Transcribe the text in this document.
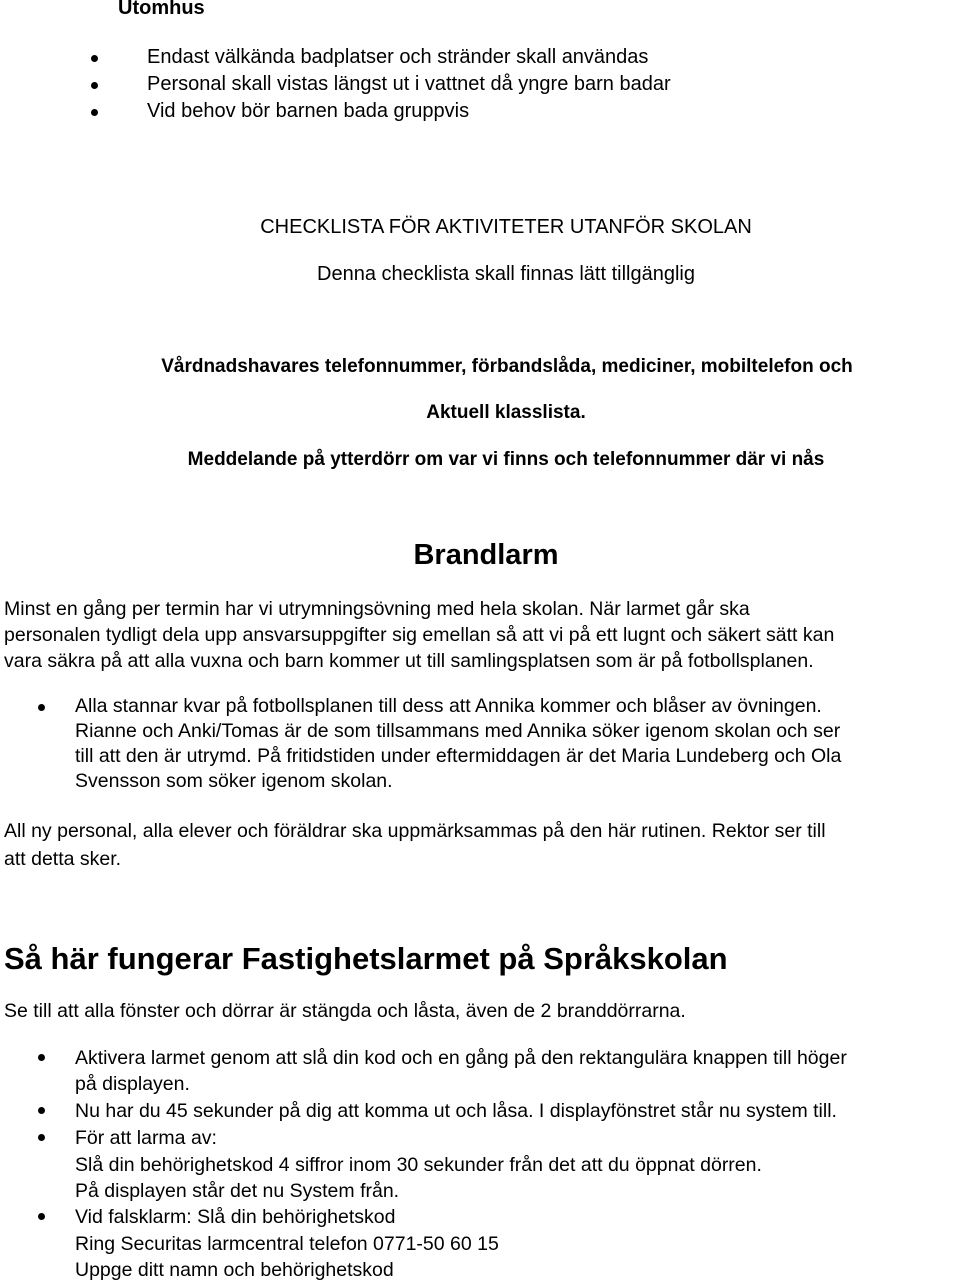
Utomhus
Endast välkända badplatser och stränder skall användas
Personal skall vistas längst ut i vattnet då yngre barn badar
Vid behov bör barnen bada gruppvis
CHECKLISTA FÖR AKTIVITETER UTANFÖR SKOLAN
Denna checklista skall finnas lätt tillgänglig
Vårdnadshavares telefonnummer, förbandslåda, mediciner, mobiltelefon och
Aktuell klasslista.
Meddelande på ytterdörr om var vi finns och telefonnummer där vi nås
Brandlarm
Minst en gång per termin har vi utrymningsövning med hela skolan. När larmet går ska
personalen tydligt dela upp ansvarsuppgifter sig emellan så att vi på ett lugnt och säkert sätt kan
vara säkra på att alla vuxna och barn kommer ut till samlingsplatsen som är på fotbollsplanen.
Alla stannar kvar på fotbollsplanen till dess att Annika kommer och blåser av övningen.
Rianne och Anki/Tomas är de som tillsammans med Annika söker igenom skolan och ser
till att den är utrymd. På fritidstiden under eftermiddagen är det Maria Lundeberg och Ola
Svensson som söker igenom skolan.
All ny personal, alla elever och föräldrar ska uppmärksammas på den här rutinen. Rektor ser till
att detta sker.
Så här fungerar Fastighetslarmet på Språkskolan
Se till att alla fönster och dörrar är stängda och låsta, även de 2 branddörrarna.
Aktivera larmet genom att slå din kod och en gång på den rektangulära knappen till höger
på displayen.
Nu har du 45 sekunder på dig att komma ut och låsa. I displayfönstret står nu system till.
För att larma av:
Slå din behörighetskod 4 siffror inom 30 sekunder från det att du öppnat dörren.
På displayen står det nu System från.
Vid falsklarm: Slå din behörighetskod
Ring Securitas larmcentral telefon 0771-50 60 15
Uppge ditt namn och behörighetskod
